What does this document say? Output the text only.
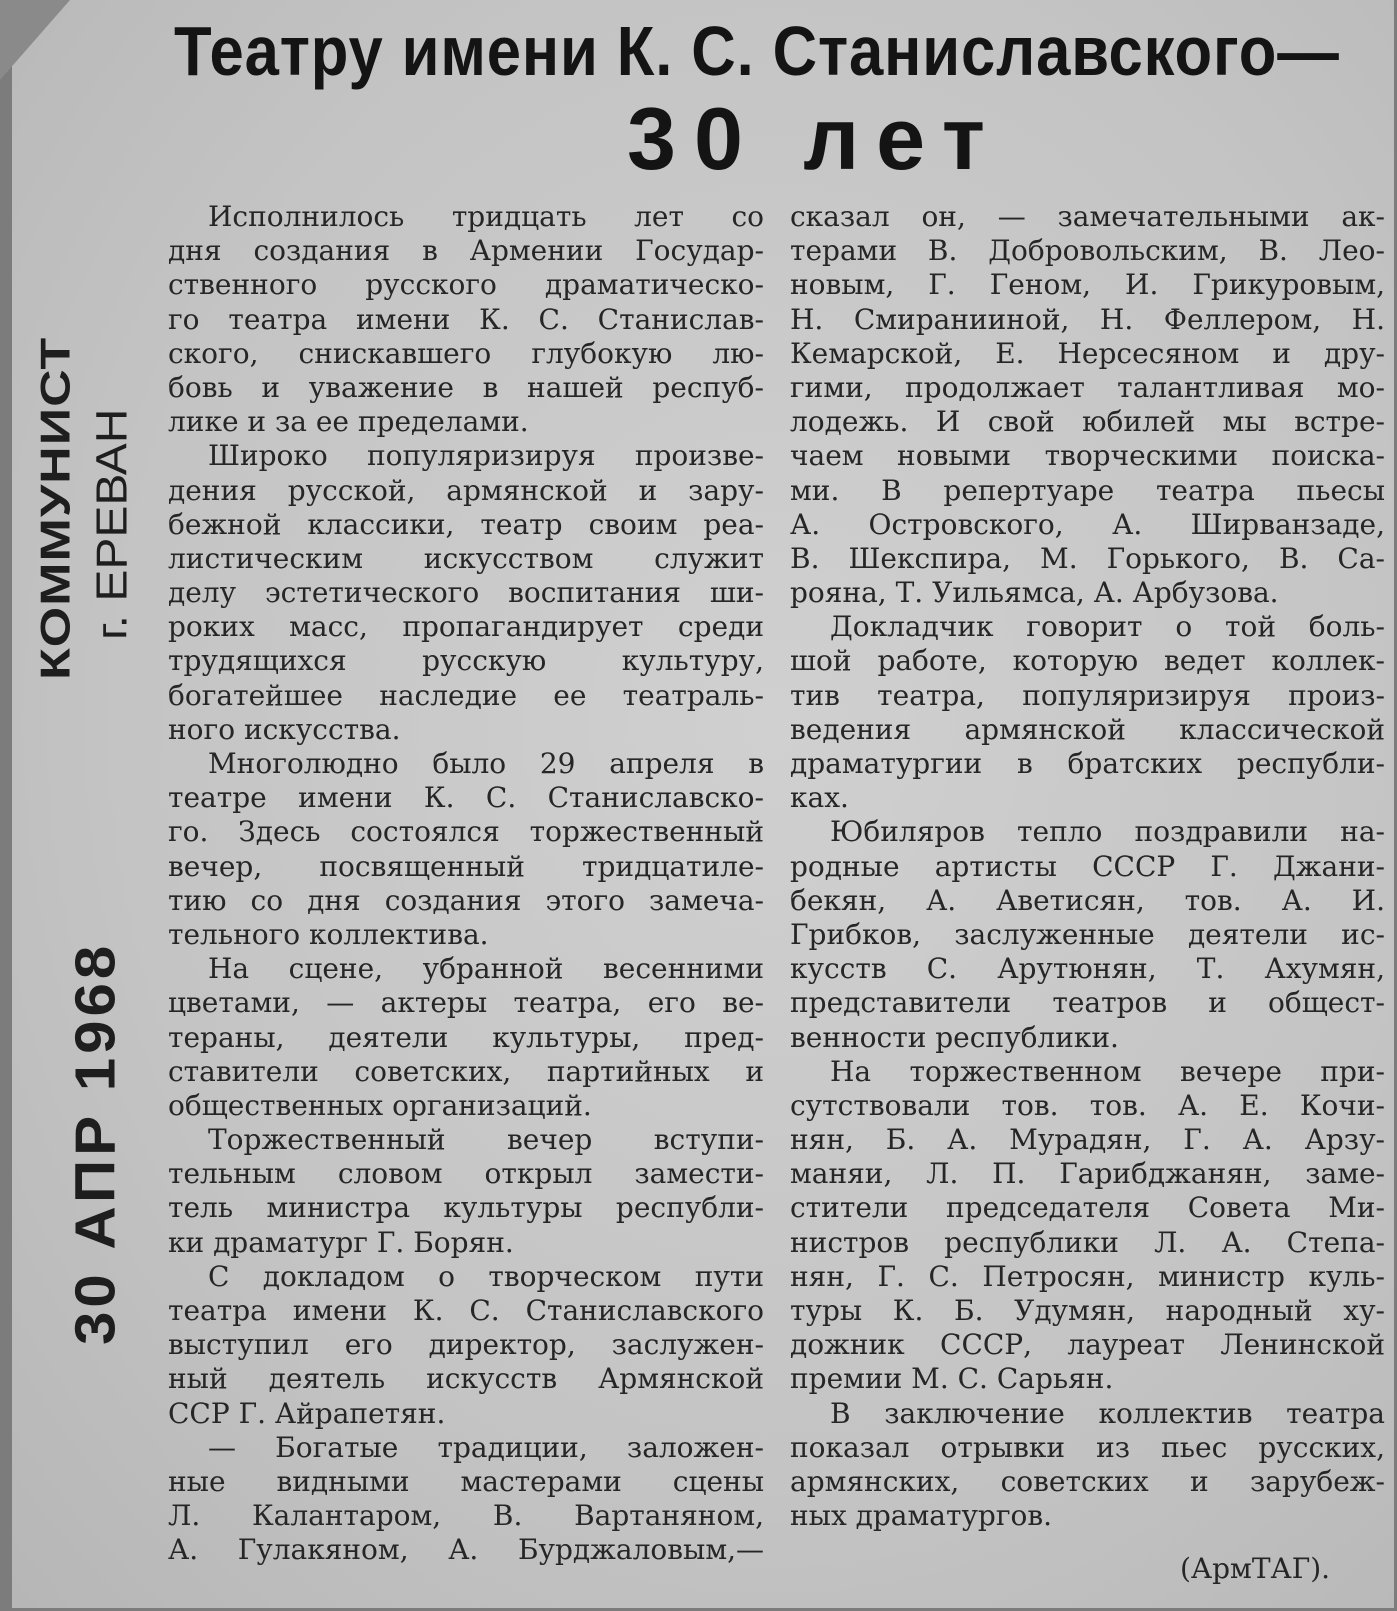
Театру имени К. С. Станиславского—
30 лет
КОММУНИСТ г. ЕРЕВАН
30 АПР 1968
Исполнилось тридцать лет со
дня создания в Армении Государ-
ственного русского драматическо-
го театра имени К. С. Станислав-
ского, снискавшего глубокую лю-
бовь и уважение в нашей респуб-
лике и за ее пределами.
Широко популяризируя произве-
дения русской, армянской и зару-
бежной классики, театр своим реа-
листическим искусством служит
делу эстетического воспитания ши-
роких масс, пропагандирует среди
трудящихся русскую культуру,
богатейшее наследие ее театраль-
ного искусства.
Многолюдно было 29 апреля в
театре имени К. С. Станиславско-
го. Здесь состоялся торжественный
вечер, посвященный тридцатиле-
тию со дня создания этого замеча-
тельного коллектива.
На сцене, убранной весенними
цветами, — актеры театра, его ве-
тераны, деятели культуры, пред-
ставители советских, партийных и
общественных организаций.
Торжественный вечер вступи-
тельным словом открыл замести-
тель министра культуры республи-
ки драматург Г. Борян.
С докладом о творческом пути
театра имени К. С. Станиславского
выступил его директор, заслужен-
ный деятель искусств Армянской
ССР Г. Айрапетян.
— Богатые традиции, заложен-
ные видными мастерами сцены
Л. Калантаром, В. Вартаняном,
А. Гулакяном, А. Бурджаловым,—
сказал он, — замечательными ак-
терами В. Добровольским, В. Лео-
новым, Г. Геном, И. Грикуровым,
Н. Смиранииной, Н. Феллером, Н.
Кемарской, Е. Нерсесяном и дру-
гими, продолжает талантливая мо-
лодежь. И свой юбилей мы встре-
чаем новыми творческими поиска-
ми. В репертуаре театра пьесы
А. Островского, А. Ширванзаде,
В. Шекспира, М. Горького, В. Са-
рояна, Т. Уильямса, А. Арбузова.
Докладчик говорит о той боль-
шой работе, которую ведет коллек-
тив театра, популяризируя произ-
ведения армянской классической
драматургии в братских республи-
ках.
Юбиляров тепло поздравили на-
родные артисты СССР Г. Джани-
бекян, А. Аветисян, тов. А. И.
Грибков, заслуженные деятели ис-
кусств С. Арутюнян, Т. Ахумян,
представители театров и общест-
венности республики.
На торжественном вечере при-
сутствовали тов. тов. А. Е. Кочи-
нян, Б. А. Мурадян, Г. А. Арзу-
маняи, Л. П. Гарибджанян, заме-
стители председателя Совета Ми-
нистров республики Л. А. Степа-
нян, Г. С. Петросян, министр куль-
туры К. Б. Удумян, народный ху-
дожник СССР, лауреат Ленинской
премии М. С. Сарьян.
В заключение коллектив театра
показал отрывки из пьес русских,
армянских, советских и зарубеж-
ных драматургов.
(АрмТАГ).
